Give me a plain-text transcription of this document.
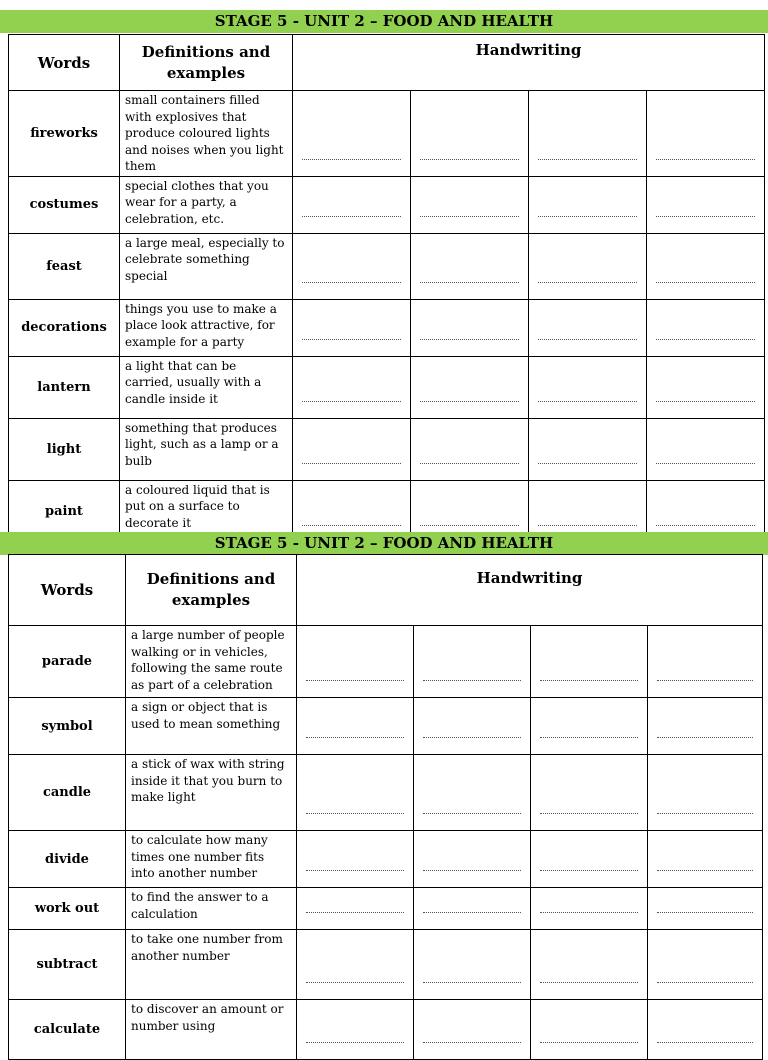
STAGE 5 - UNIT 2 – FOOD AND HEALTH
Words	Definitions and examples	Handwriting			
fireworks	small containers filled with explosives that produce coloured lights and noises when you light them	

costumes	special clothes that you wear for a party, a celebration, etc.	

feast	a large meal, especially to celebrate something special	

decorations	things you use to make a place look attractive, for example for a party	

lantern	a light that can be carried, usually with a candle inside it	

light	something that produces light, such as a lamp or a bulb	

paint	a coloured liquid that is put on a surface to decorate it	

STAGE 5 - UNIT 2 – FOOD AND HEALTH
Words	Definitions and examples	Handwriting			
parade	a large number of people walking or in vehicles, following the same route as part of a celebration	

symbol	a sign or object that is used to mean something	

candle	a stick of wax with string inside it that you burn to make light	

divide	to calculate how many times one number fits into another number	

work out	to find the answer to a calculation	

subtract	to take one number from another number	

calculate	to discover an amount or number using	
